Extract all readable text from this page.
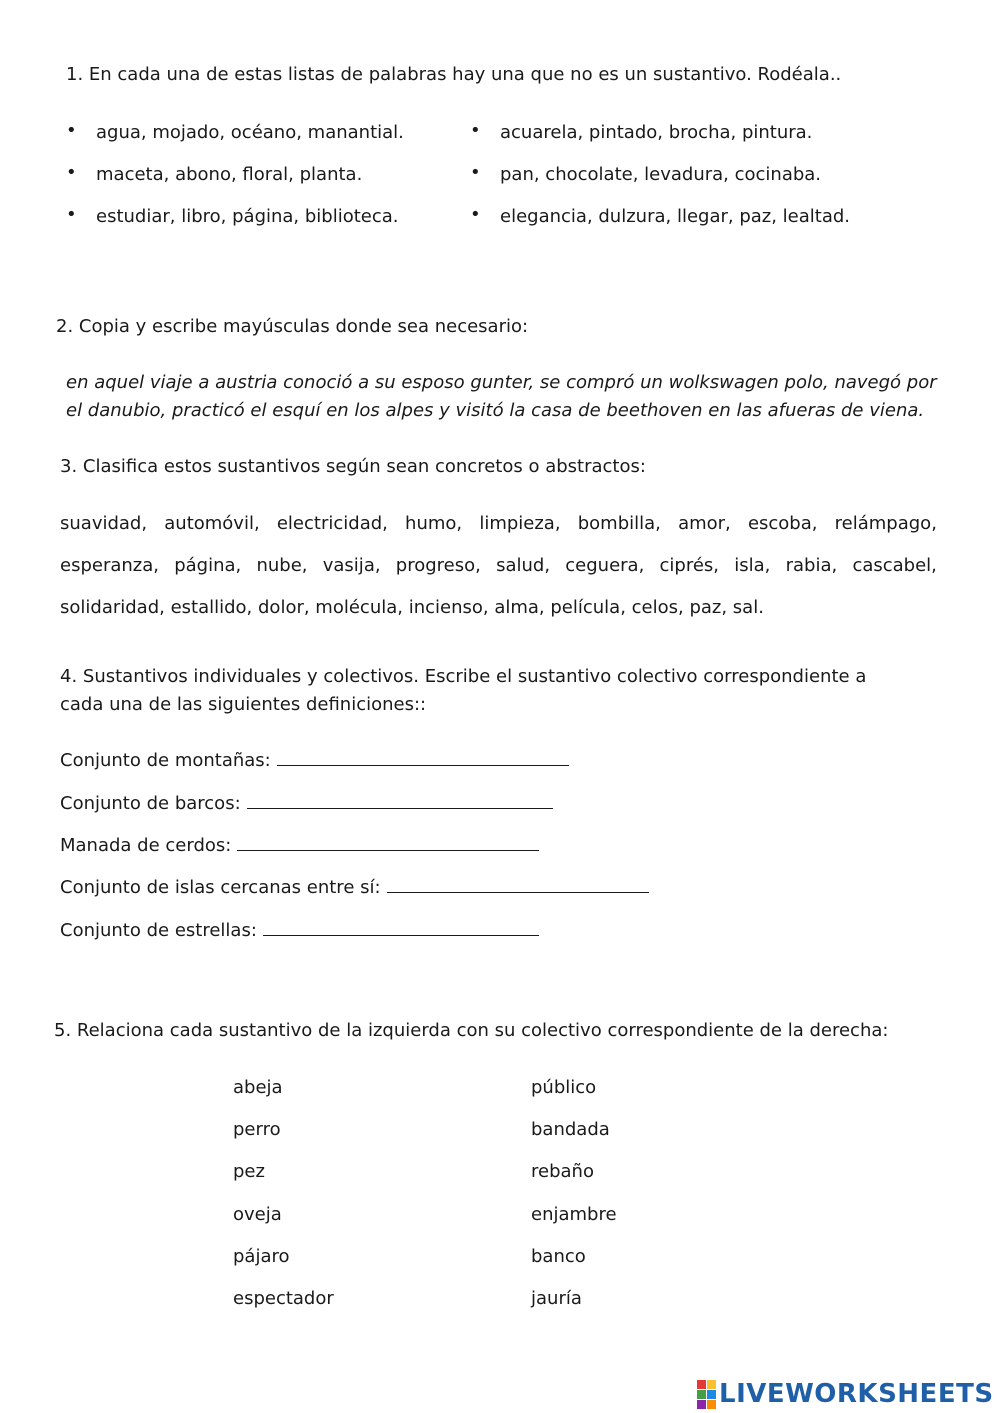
1. En cada una de estas listas de palabras hay una que no es un sustantivo. Rodéala..
• agua, mojado, océano, manantial.
• maceta, abono, floral, planta.
• estudiar, libro, página, biblioteca.
• acuarela, pintado, brocha, pintura.
• pan, chocolate, levadura, cocinaba.
• elegancia, dulzura, llegar, paz, lealtad.
2. Copia y escribe mayúsculas donde sea necesario:
en aquel viaje a austria conoció a su esposo gunter, se compró un wolkswagen polo, navegó por
el danubio, practicó el esquí en los alpes y visitó la casa de beethoven en las afueras de viena.
3. Clasifica estos sustantivos según sean concretos o abstractos:
suavidad, automóvil, electricidad, humo, limpieza, bombilla, amor, escoba, relámpago,
esperanza, página, nube, vasija, progreso, salud, ceguera, ciprés, isla, rabia, cascabel,
solidaridad, estallido, dolor, molécula, incienso, alma, película, celos, paz, sal.
4. Sustantivos individuales y colectivos. Escribe el sustantivo colectivo correspondiente a
cada una de las siguientes definiciones::
Conjunto de montañas:
Conjunto de barcos:
Manada de cerdos:
Conjunto de islas cercanas entre sí:
Conjunto de estrellas:
5. Relaciona cada sustantivo de la izquierda con su colectivo correspondiente de la derecha:
abeja
perro
pez
oveja
pájaro
espectador
público
bandada
rebaño
enjambre
banco
jauría
LIVEWORKSHEETS
